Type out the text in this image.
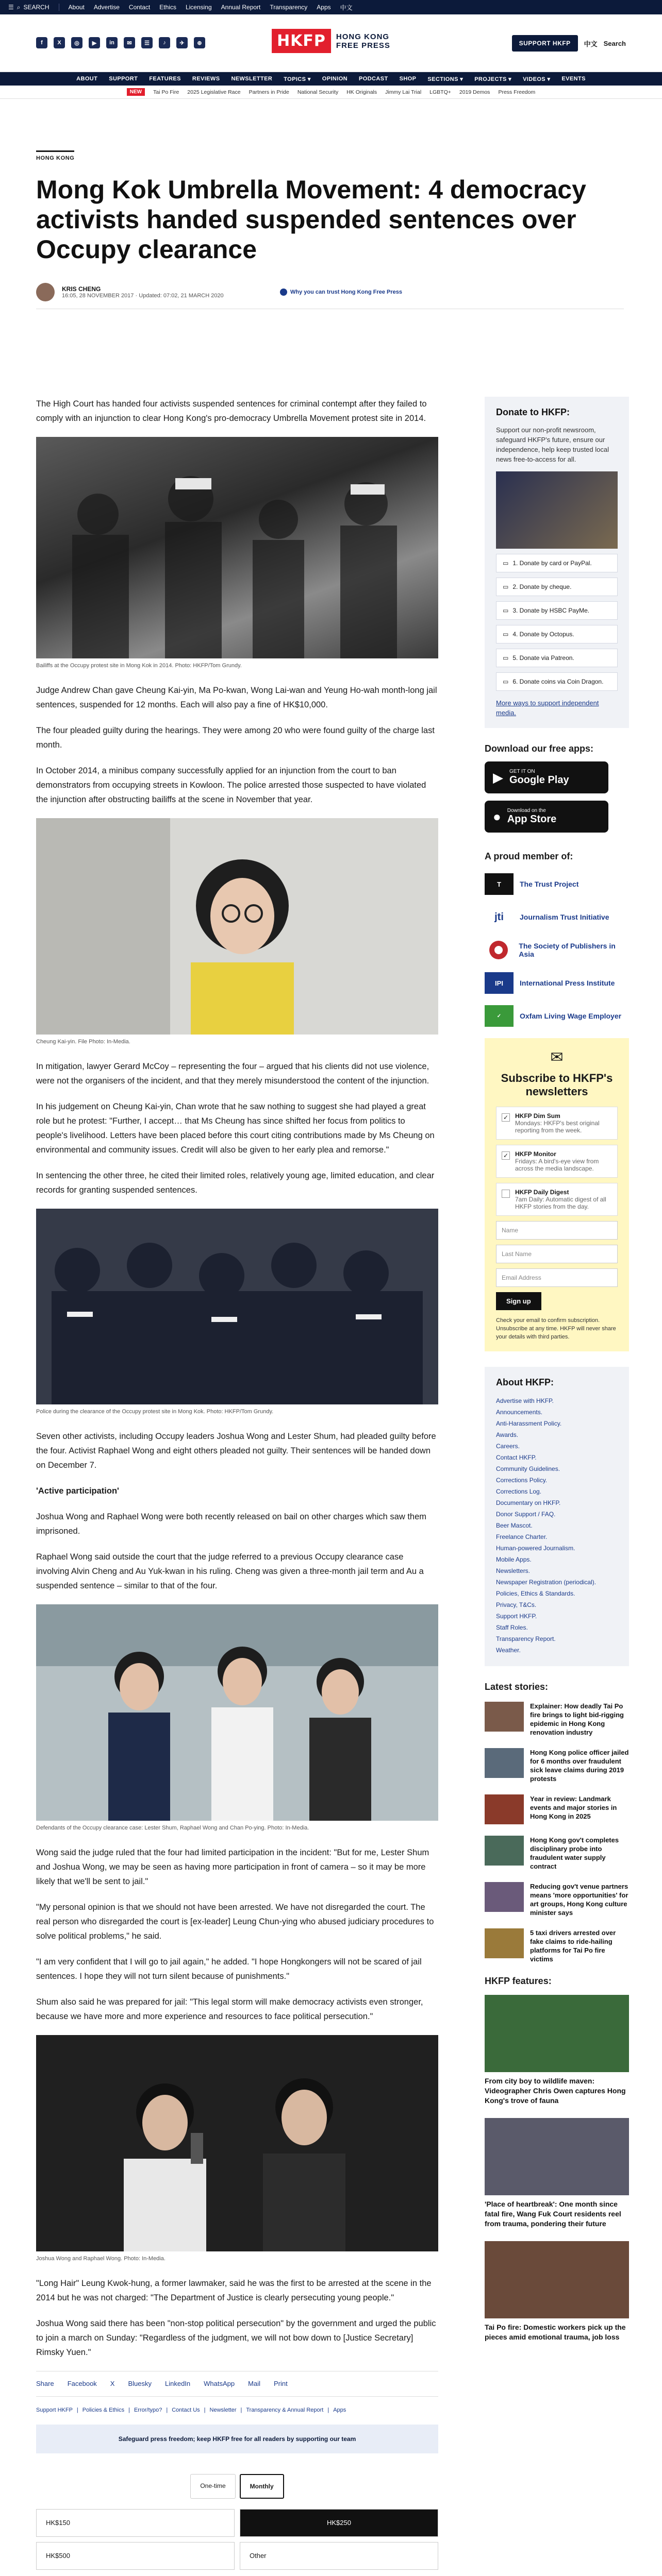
☰ ⌕ SEARCH	About Advertise Contact Ethics Licensing Annual Report Transparency Apps 中文
f	X	◎	▶	in	✉	☰	♪	✈	⊕	HKFP	HONG KONG
FREE PRESS	SUPPORT HKFP	中文 Search
ABOUT SUPPORT FEATURES REVIEWS NEWSLETTER TOPICS ▾ OPINION PODCAST SHOP SECTIONS ▾ PROJECTS ▾ VIDEOS ▾ EVENTS
NEW	Tai Po Fire 2025 Legislative Race Partners in Pride National Security HK Originals Jimmy Lai Trial LGBTQ+ 2019 Demos Press Freedom
HONG KONG
Mong Kok Umbrella Movement: 4 democracy activists handed suspended sentences over Occupy clearance
KRIS CHENG
16:05, 28 NOVEMBER 2017 · Updated: 07:02, 21 MARCH 2020
Why you can trust Hong Kong Free Press

The High Court has handed four activists suspended sentences for criminal contempt after they failed to comply with an injunction to clear Hong Kong's pro-democracy Umbrella Movement protest site in 2014.

Bailiffs at the Occupy protest site in Mong Kok in 2014. Photo: HKFP/Tom Grundy.

Judge Andrew Chan gave Cheung Kai-yin, Ma Po-kwan, Wong Lai-wan and Yeung Ho-wah month-long jail sentences, suspended for 12 months. Each will also pay a fine of HK$10,000.

The four pleaded guilty during the hearings. They were among 20 who were found guilty of the charge last month.

In October 2014, a minibus company successfully applied for an injunction from the court to ban demonstrators from occupying streets in Kowloon. The police arrested those suspected to have violated the injunction after obstructing bailiffs at the scene in November that year.

Cheung Kai-yin. File Photo: In-Media.

In mitigation, lawyer Gerard McCoy – representing the four – argued that his clients did not use violence, were not the organisers of the incident, and that they merely misunderstood the content of the injunction.

In his judgement on Cheung Kai-yin, Chan wrote that he saw nothing to suggest she had played a great role but he protest: "Further, I accept… that Ms Cheung has since shifted her focus from politics to people's livelihood. Letters have been placed before this court citing contributions made by Ms Cheung on environmental and community issues. Credit will also be given to her early plea and remorse."

In sentencing the other three, he cited their limited roles, relatively young age, limited education, and clear records for granting suspended sentences.

Police during the clearance of the Occupy protest site in Mong Kok. Photo: HKFP/Tom Grundy.

Seven other activists, including Occupy leaders Joshua Wong and Lester Shum, had pleaded guilty before the four. Activist Raphael Wong and eight others pleaded not guilty. Their sentences will be handed down on December 7.

'Active participation'

Joshua Wong and Raphael Wong were both recently released on bail on other charges which saw them imprisoned.

Raphael Wong said outside the court that the judge referred to a previous Occupy clearance case involving Alvin Cheng and Au Yuk-kwan in his ruling. Cheng was given a three-month jail term and Au a suspended sentence – similar to that of the four.

Defendants of the Occupy clearance case: Lester Shum, Raphael Wong and Chan Po-ying. Photo: In-Media.

Wong said the judge ruled that the four had limited participation in the incident: "But for me, Lester Shum and Joshua Wong, we may be seen as having more participation in front of camera – so it may be more likely that we'll be sent to jail."

"My personal opinion is that we should not have been arrested. We have not disregarded the court. The real person who disregarded the court is [ex-leader] Leung Chun-ying who abused judiciary procedures to solve political problems," he said.

"I am very confident that I will go to jail again," he added. "I hope Hongkongers will not be scared of jail sentences. I hope they will not turn silent because of punishments."

Shum also said he was prepared for jail: "This legal storm will make democracy activists even stronger, because we have more and more experience and resources to face political persecution."

Joshua Wong and Raphael Wong. Photo: In-Media.

"Long Hair" Leung Kwok-hung, a former lawmaker, said he was the first to be arrested at the scene in the 2014 but he was not charged: "The Department of Justice is clearly persecuting young people."

Joshua Wong said there has been "non-stop political persecution" by the government and urged the public to join a march on Sunday: "Regardless of the judgment, we will not bow down to [Justice Secretary] Rimsky Yuen."

Share Facebook X Bluesky LinkedIn WhatsApp Mail Print
Support HKFP | Policies & Ethics | Error/typo? | Contact Us | Newsletter | Transparency & Annual Report | Apps
Safeguard press freedom; keep HKFP free for all readers by supporting our team
One-time	Monthly
HK$150	HK$250
HK$500	Other
Donate to HKFP:

Support our non-profit newsroom, safeguard HKFP's future, ensure our independence, help keep trusted local news free-to-access for all.

▭ 1. Donate by card or PayPal.
▭ 2. Donate by cheque.
▭ 3. Donate by HSBC PayMe.
▭ 4. Donate by Octopus.
▭ 5. Donate via Patreon.
▭ 6. Donate coins via Coin Dragon.

More ways to support independent media.

Download our free apps:
▶ GET IT ON
Google Play
● Download on the
App Store
A proud member of:
T	The Trust Project
jti	Journalism Trust Initiative
The Society of Publishers in Asia
IPI	International Press Institute
✓	Oxfam Living Wage Employer
✉
Subscribe to HKFP's newsletters
✓ HKFP Dim Sum
Mondays: HKFP's best original reporting from the week.
✓ HKFP Monitor
Fridays: A bird's-eye view from across the media landscape.
HKFP Daily Digest
7am Daily: Automatic digest of all HKFP stories from the day.
Name
Last Name
Email Address
Sign up

Check your email to confirm subscription. Unsubscribe at any time. HKFP will never share your details with third parties.

About HKFP:
Advertise with HKFP.
Announcements.
Anti-Harassment Policy.
Awards.
Careers.
Contact HKFP.
Community Guidelines.
Corrections Policy.
Corrections Log.
Documentary on HKFP.
Donor Support / FAQ.
Beer Mascot.
Freelance Charter.
Human-powered Journalism.
Mobile Apps.
Newsletters.
Newspaper Registration (periodical).
Policies, Ethics & Standards.
Privacy, T&Cs.
Support HKFP.
Staff Roles.
Transparency Report.
Weather.
Latest stories:
Explainer: How deadly Tai Po fire brings to light bid-rigging epidemic in Hong Kong renovation industry
Hong Kong police officer jailed for 6 months over fraudulent sick leave claims during 2019 protests
Year in review: Landmark events and major stories in Hong Kong in 2025
Hong Kong gov't completes disciplinary probe into fraudulent water supply contract
Reducing gov't venue partners means 'more opportunities' for art groups, Hong Kong culture minister says
5 taxi drivers arrested over fake claims to ride-hailing platforms for Tai Po fire victims
HKFP features:
From city boy to wildlife maven: Videographer Chris Owen captures Hong Kong's trove of fauna
'Place of heartbreak': One month since fatal fire, Wang Fuk Court residents reel from trauma, pondering their future
Tai Po fire: Domestic workers pick up the pieces amid emotional trauma, job loss
